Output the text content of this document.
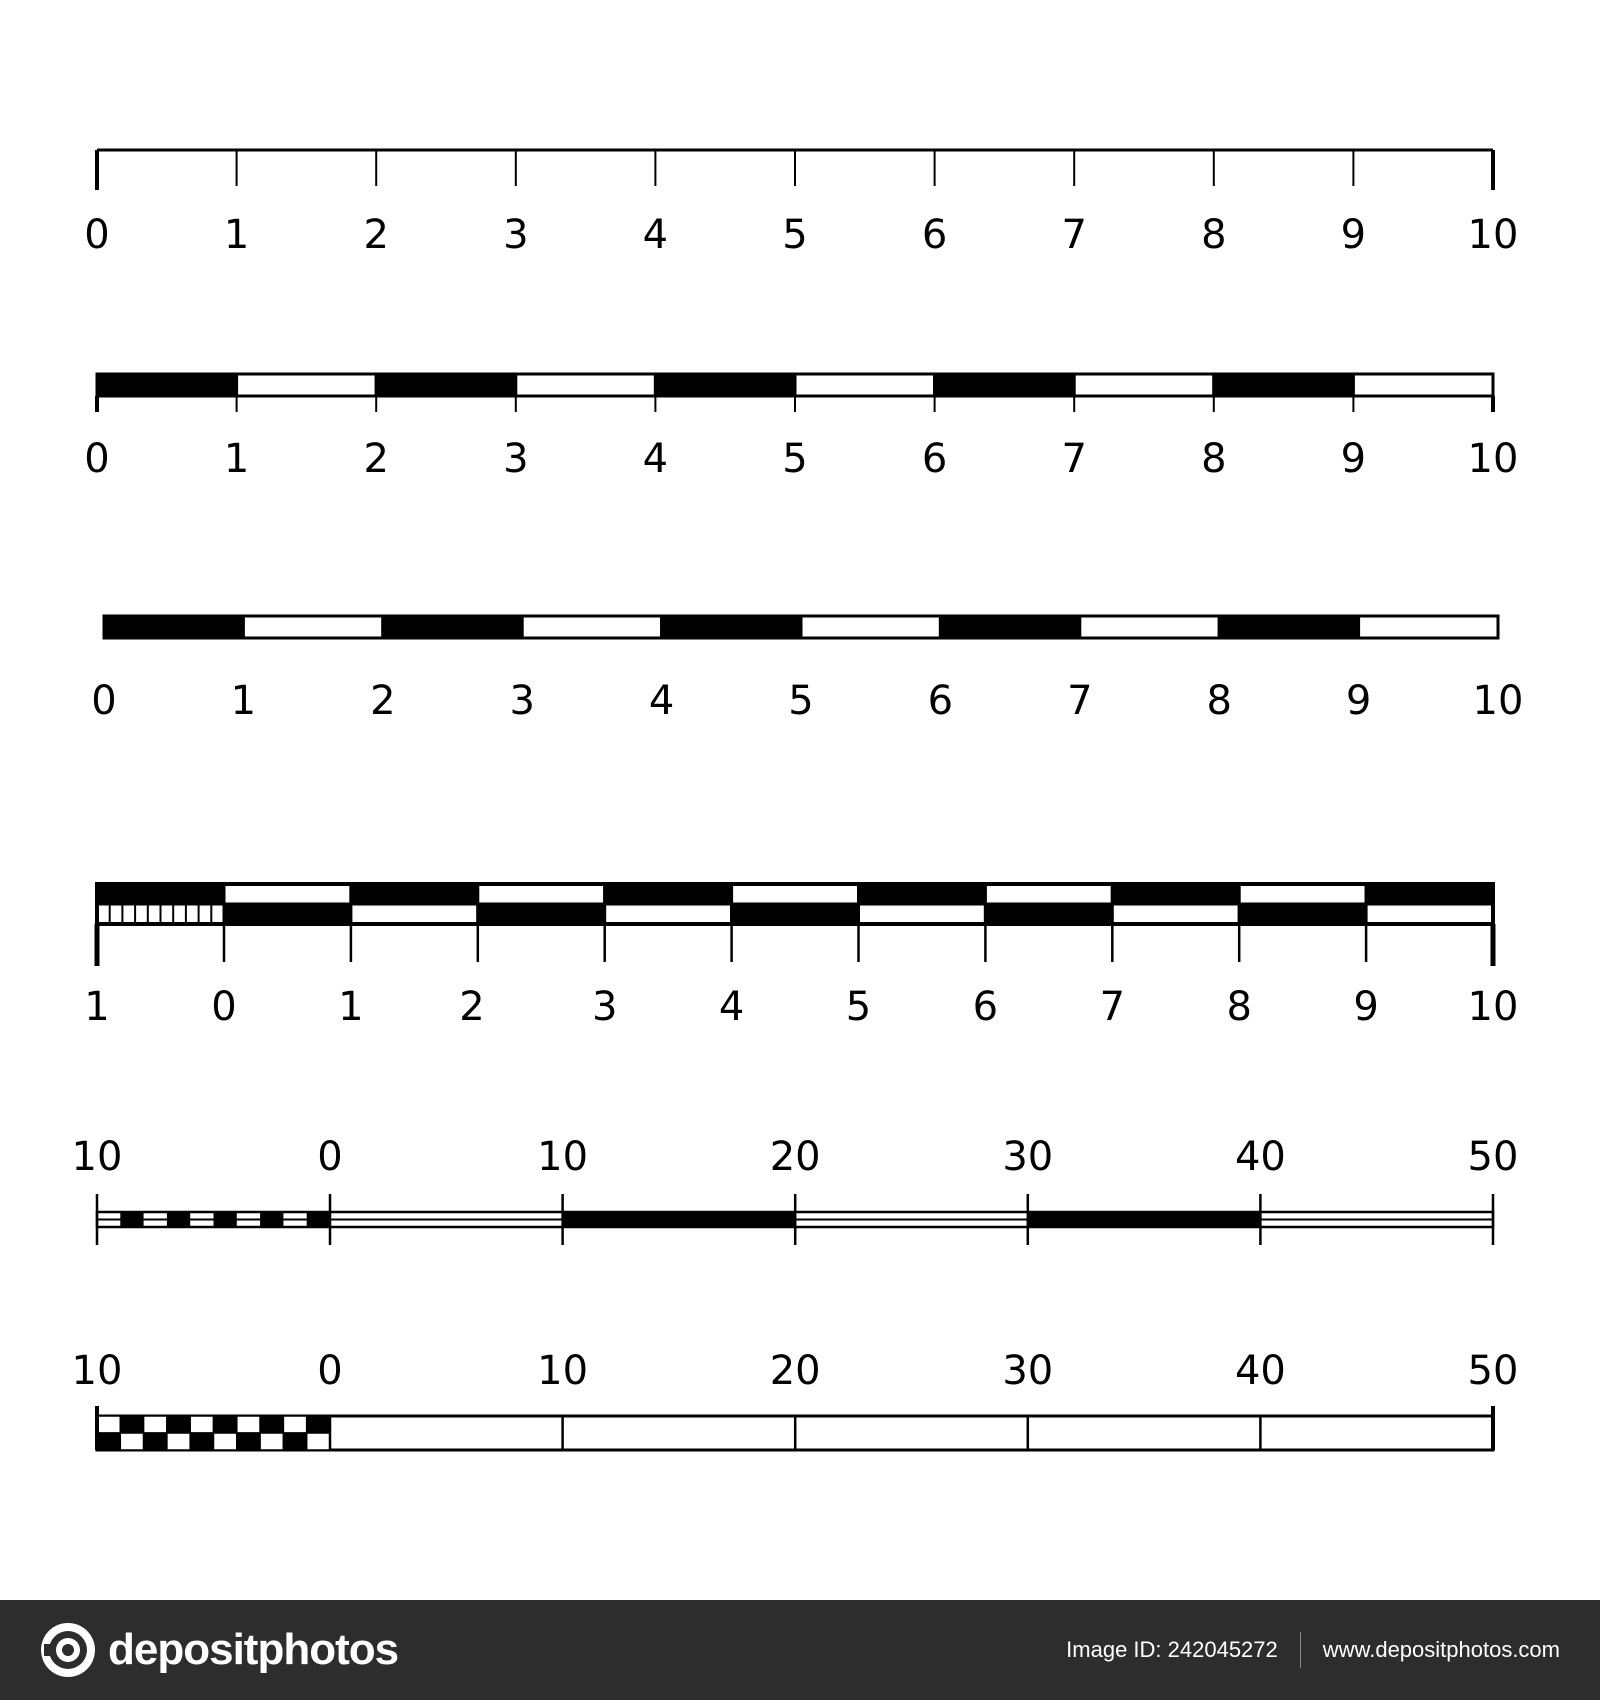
0	1	2	3	4	5	6	7	8	9	10
0	1	2	3	4	5	6	7	8	9	10
0	1	2	3	4	5	6	7	8	9	10
1	0	1 2	3	4	5	6	7	8	9 10
10	0	10	20	30	40	50
10	0	10	20	30	40	50
depositphotos	Image ID: 242045272 www.depositphotos.com
